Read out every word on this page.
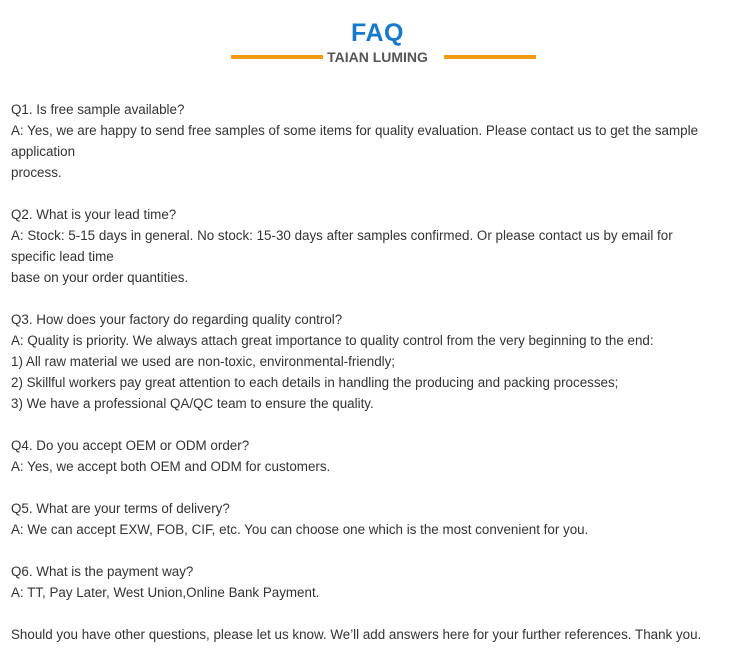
FAQ
TAIAN LUMING
Q1. Is free sample available?
A: Yes, we are happy to send free samples of some items for quality evaluation. Please contact us to get the sample
application
process.
Q2. What is your lead time?
A: Stock: 5-15 days in general. No stock: 15-30 days after samples confirmed. Or please contact us by email for
specific lead time
base on your order quantities.
Q3. How does your factory do regarding quality control?
A: Quality is priority. We always attach great importance to quality control from the very beginning to the end:
1) All raw material we used are non-toxic, environmental-friendly;
2) Skillful workers pay great attention to each details in handling the producing and packing processes;
3) We have a professional QA/QC team to ensure the quality.
Q4. Do you accept OEM or ODM order?
A: Yes, we accept both OEM and ODM for customers.
Q5. What are your terms of delivery?
A: We can accept EXW, FOB, CIF, etc. You can choose one which is the most convenient for you.
Q6. What is the payment way?
A: TT, Pay Later, West Union,Online Bank Payment.
Should you have other questions, please let us know. We’ll add answers here for your further references. Thank you.
